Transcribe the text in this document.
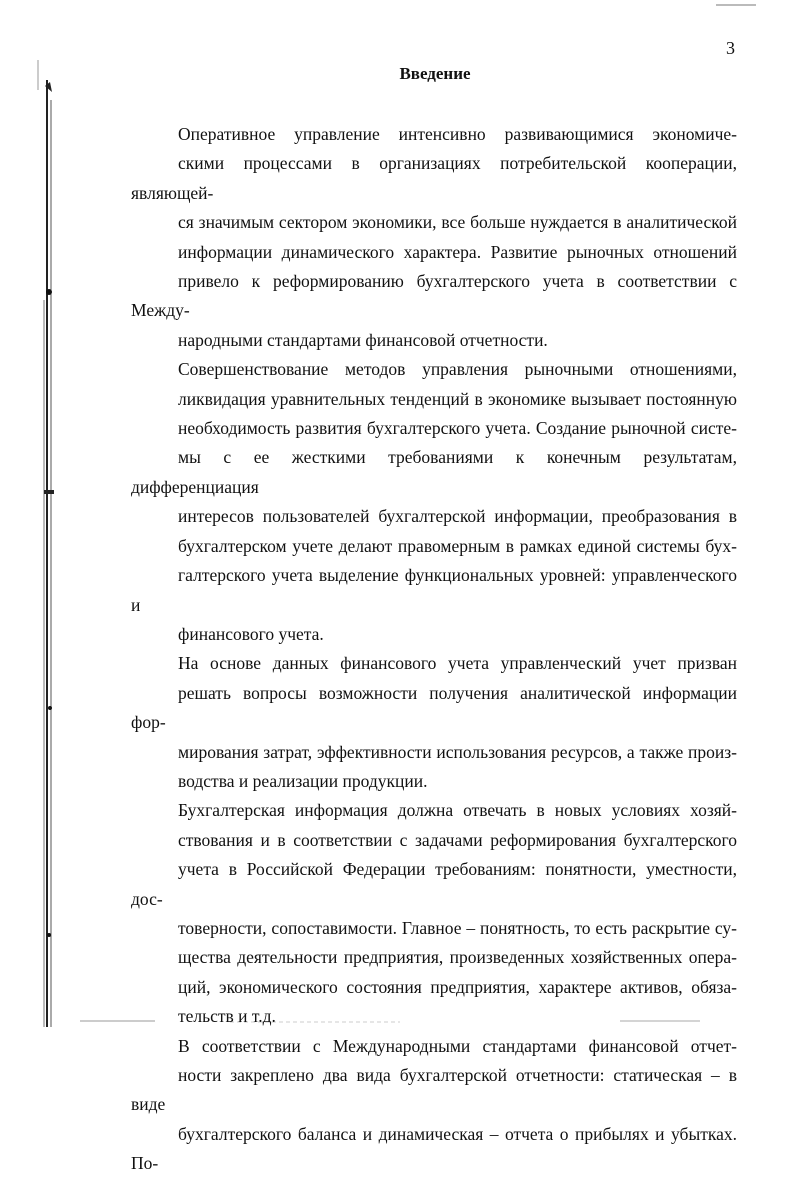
3
Введение

Оперативное управление интенсивно развивающимися экономиче-
скими процессами в организациях потребительской кооперации, являющей-
ся значимым сектором экономики, все больше нуждается в аналитической
информации динамического характера. Развитие рыночных отношений
привело к реформированию бухгалтерского учета в соответствии с Между-
народными стандартами финансовой отчетности.

Совершенствование методов управления рыночными отношениями,
ликвидация уравнительных тенденций в экономике вызывает постоянную
необходимость развития бухгалтерского учета. Создание рыночной систе-
мы с ее жесткими требованиями к конечным результатам, дифференциация
интересов пользователей бухгалтерской информации, преобразования в
бухгалтерском учете делают правомерным в рамках единой системы бух-
галтерского учета выделение функциональных уровней: управленческого и
финансового учета.

На основе данных финансового учета управленческий учет призван
решать вопросы возможности получения аналитической информации фор-
мирования затрат, эффективности использования ресурсов, а также произ-
водства и реализации продукции.

Бухгалтерская информация должна отвечать в новых условиях хозяй-
ствования и в соответствии с задачами реформирования бухгалтерского
учета в Российской Федерации требованиям: понятности, уместности, дос-
товерности, сопоставимости. Главное – понятность, то есть раскрытие су-
щества деятельности предприятия, произведенных хозяйственных опера-
ций, экономического состояния предприятия, характере активов, обяза-
тельств и т.д.

В соответствии с Международными стандартами финансовой отчет-
ности закреплено два вида бухгалтерской отчетности: статическая – в виде
бухгалтерского баланса и динамическая – отчета о прибылях и убытках. По-
